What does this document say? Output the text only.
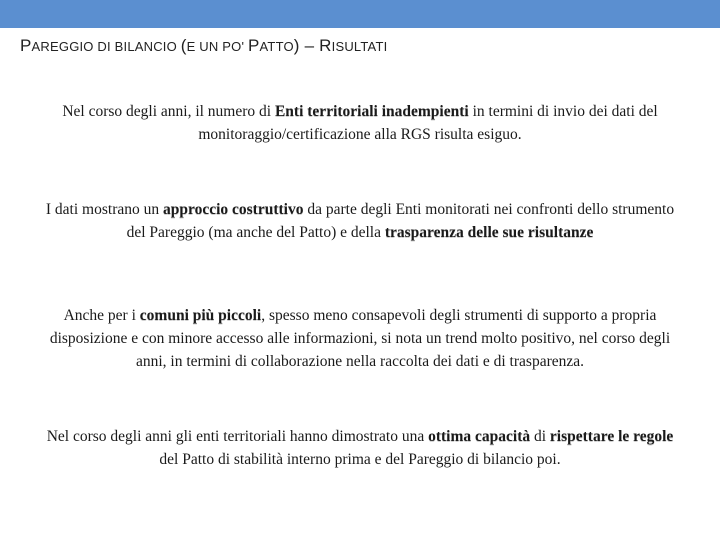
PAREGGIO DI BILANCIO (E UN PO' PATTO) – RISULTATI

Nel corso degli anni, il numero di Enti territoriali inadempienti in termini di invio dei dati del monitoraggio/certificazione alla RGS risulta esiguo.

I dati mostrano un approccio costruttivo da parte degli Enti monitorati nei confronti dello strumento del Pareggio (ma anche del Patto) e della trasparenza delle sue risultanze

Anche per i comuni più piccoli, spesso meno consapevoli degli strumenti di supporto a propria disposizione e con minore accesso alle informazioni, si nota un trend molto positivo, nel corso degli anni, in termini di collaborazione nella raccolta dei dati e di trasparenza.

Nel corso degli anni gli enti territoriali hanno dimostrato una ottima capacità di rispettare le regole del Patto di stabilità interno prima e del Pareggio di bilancio poi.
